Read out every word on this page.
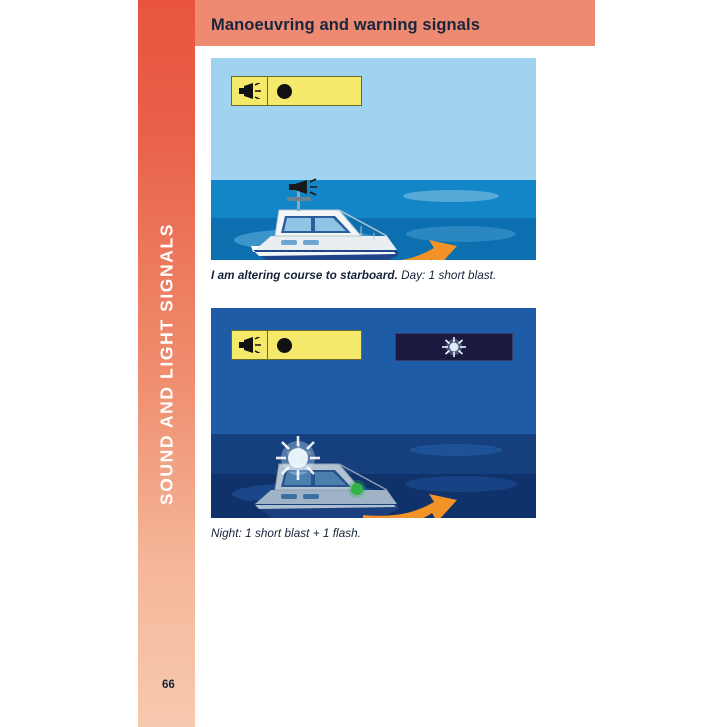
SOUND AND LIGHT SIGNALS
Manoeuvring and warning signals

I am altering course to starboard. Day: 1 short blast.

Night: 1 short blast + 1 flash.

66
